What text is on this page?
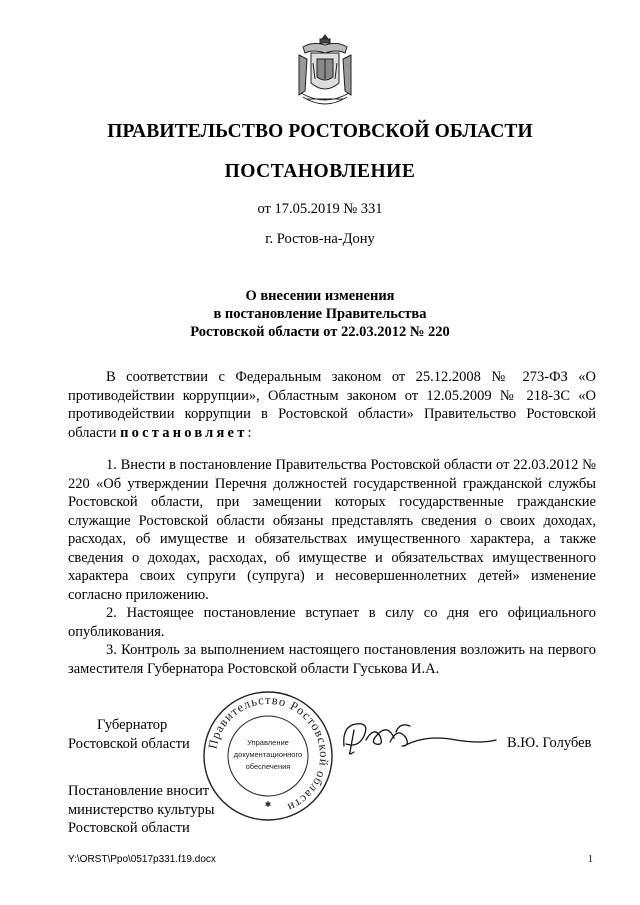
ПРАВИТЕЛЬСТВО РОСТОВСКОЙ ОБЛАСТИ
ПОСТАНОВЛЕНИЕ
от 17.05.2019 № 331
г. Ростов-на-Дону
О внесении изменения
в постановление Правительства
Ростовской области от 22.03.2012 № 220
В соответствии с Федеральным законом от 25.12.2008 № 273-ФЗ «О противодействии коррупции», Областным законом от 12.05.2009 № 218-ЗС «О противодействии коррупции в Ростовской области» Правительство Ростовской области постановляет:

1. Внести в постановление Правительства Ростовской области от 22.03.2012 № 220 «Об утверждении Перечня должностей государственной гражданской службы Ростовской области, при замещении которых государственные гражданские служащие Ростовской области обязаны представлять сведения о своих доходах, расходах, об имуществе и обязательствах имущественного характера, а также сведения о доходах, расходах, об имуществе и обязательствах имущественного характера своих супруги (супруга) и несовершеннолетних детей» изменение согласно приложению.

2. Настоящее постановление вступает в силу со дня его официального опубликования.

3. Контроль за выполнением настоящего постановления возложить на первого заместителя Губернатора Ростовской области Гуськова И.А.

Губернатор
Ростовской области Правительство Ростовской области
Управление
документационного
обеспечения
✱
В.Ю. Голубев
Постановление вносит
министерство культуры
Ростовской области
Y:\ORST\Ppo\0517p331.f19.docx	1
